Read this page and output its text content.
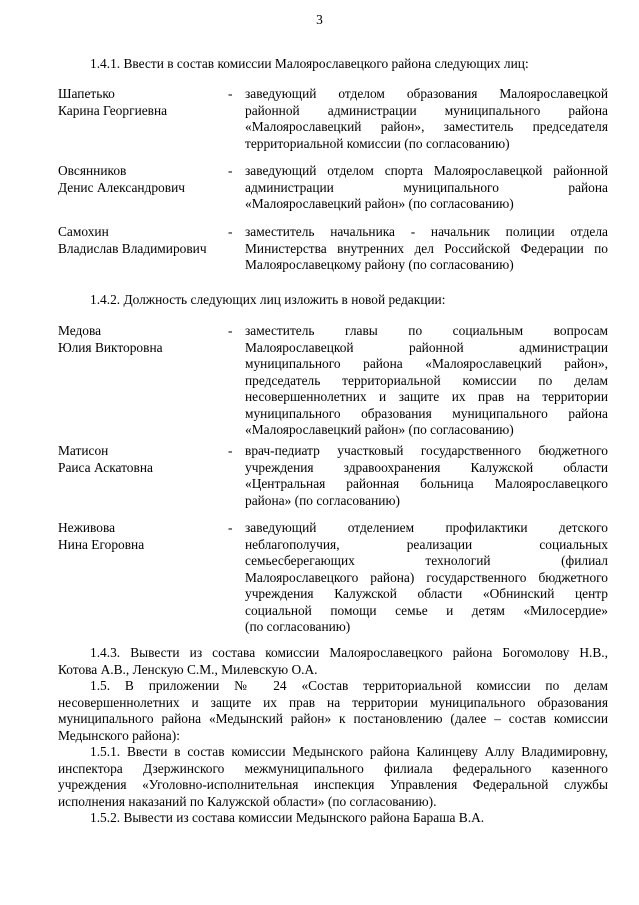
3

1.4.1. Ввести в состав комиссии Малоярославецкого района следующих лиц:

Шапетько
Карина Георгиевна
- заведующий отделом образования Малоярославецкой
районной администрации муниципального района
«Малоярославецкий район», заместитель председателя
территориальной комиссии (по согласованию)
Овсянников
Денис Александрович
- заведующий отделом спорта Малоярославецкой районной
администрации муниципального района
«Малоярославецкий район» (по согласованию)
Самохин
Владислав Владимирович
- заместитель начальника - начальник полиции отдела
Министерства внутренних дел Российской Федерации по
Малоярославецкому району (по согласованию)

1.4.2. Должность следующих лиц изложить в новой редакции:

Медова
Юлия Викторовна
- заместитель главы по социальным вопросам
Малоярославецкой районной администрации
муниципального района «Малоярославецкий район»,
председатель территориальной комиссии по делам
несовершеннолетних и защите их прав на территории
муниципального образования муниципального района
«Малоярославецкий район» (по согласованию)
Матисон
Раиса Аскатовна
- врач-педиатр участковый государственного бюджетного
учреждения здравоохранения Калужской области
«Центральная районная больница Малоярославецкого
района» (по согласованию)
Неживова
Нина Егоровна
- заведующий отделением профилактики детского
неблагополучия, реализации социальных
семьесберегающих технологий (филиал
Малоярославецкого района) государственного бюджетного
учреждения Калужской области «Обнинский центр
социальной помощи семье и детям «Милосердие»
(по согласованию)
1.4.3. Вывести из состава комиссии Малоярославецкого района Богомолову Н.В.,
Котова А.В., Ленскую С.М., Милевскую О.А.
1.5. В приложении № 24 «Состав территориальной комиссии по делам
несовершеннолетних и защите их прав на территории муниципального образования
муниципального района «Медынский район» к постановлению (далее – состав комиссии
Медынского района):
1.5.1. Ввести в состав комиссии Медынского района Калинцеву Аллу Владимировну,
инспектора Дзержинского межмуниципального филиала федерального казенного
учреждения «Уголовно-исполнительная инспекция Управления Федеральной службы
исполнения наказаний по Калужской области» (по согласованию).
1.5.2. Вывести из состава комиссии Медынского района Бараша В.А.
